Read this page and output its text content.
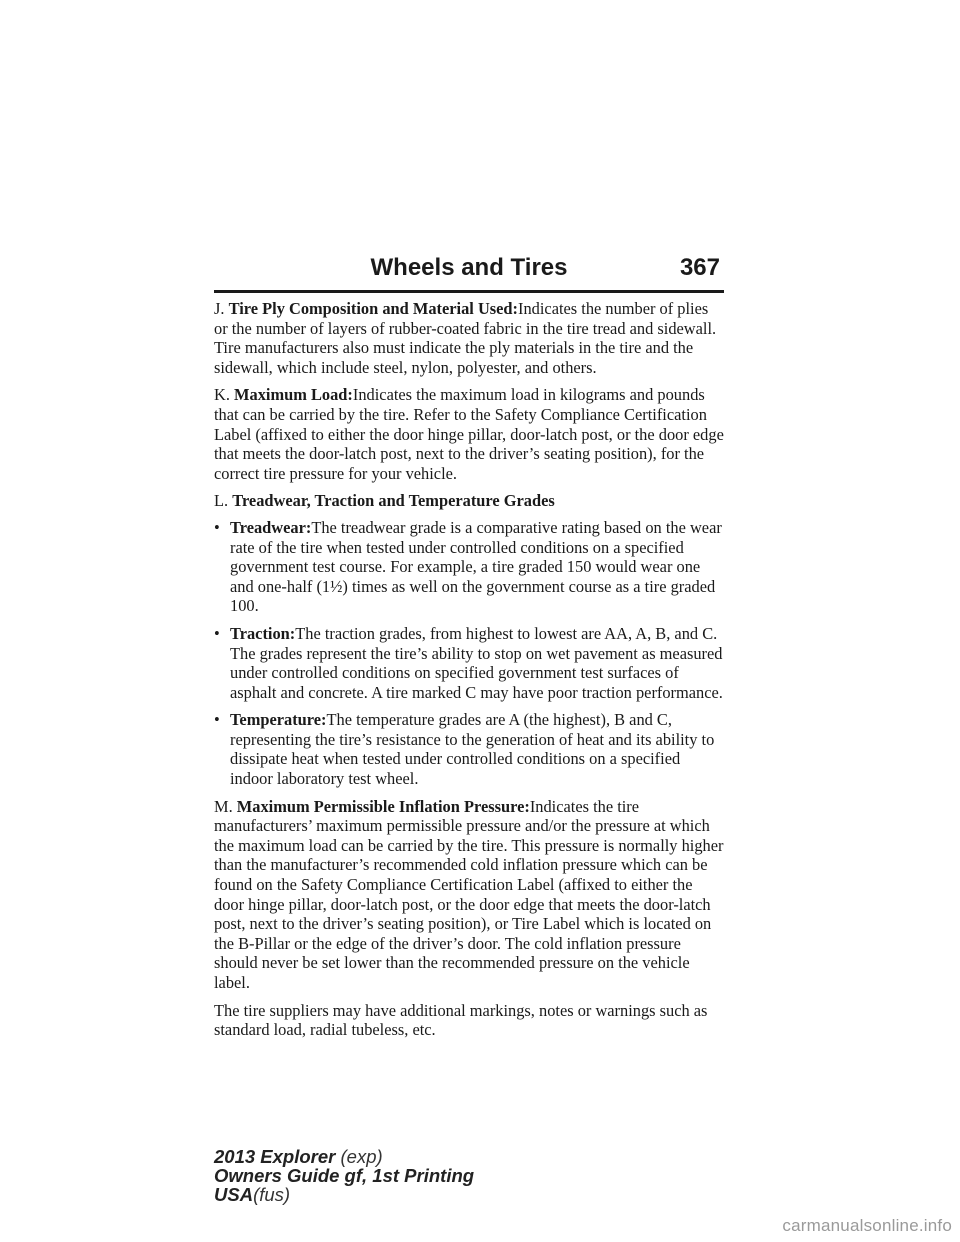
Wheels and Tires	367

J. Tire Ply Composition and Material Used:Indicates the number of plies or the number of layers of rubber-coated fabric in the tire tread and sidewall. Tire manufacturers also must indicate the ply materials in the tire and the sidewall, which include steel, nylon, polyester, and others.

K. Maximum Load:Indicates the maximum load in kilograms and pounds that can be carried by the tire. Refer to the Safety Compliance Certification Label (affixed to either the door hinge pillar, door-latch post, or the door edge that meets the door-latch post, next to the driver’s seating position), for the correct tire pressure for your vehicle.

L. Treadwear, Traction and Temperature Grades

• Treadwear:The treadwear grade is a comparative rating based on the wear rate of the tire when tested under controlled conditions on a specified government test course. For example, a tire graded 150 would wear one and one-half (1½) times as well on the government course as a tire graded 100.
• Traction:The traction grades, from highest to lowest are AA, A, B, and C. The grades represent the tire’s ability to stop on wet pavement as measured under controlled conditions on specified government test surfaces of asphalt and concrete. A tire marked C may have poor traction performance.
• Temperature:The temperature grades are A (the highest), B and C, representing the tire’s resistance to the generation of heat and its ability to dissipate heat when tested under controlled conditions on a specified indoor laboratory test wheel.

M. Maximum Permissible Inflation Pressure:Indicates the tire manufacturers’ maximum permissible pressure and/or the pressure at which the maximum load can be carried by the tire. This pressure is normally higher than the manufacturer’s recommended cold inflation pressure which can be found on the Safety Compliance Certification Label (affixed to either the door hinge pillar, door-latch post, or the door edge that meets the door-latch post, next to the driver’s seating position), or Tire Label which is located on the B-Pillar or the edge of the driver’s door. The cold inflation pressure should never be set lower than the recommended pressure on the vehicle label.

The tire suppliers may have additional markings, notes or warnings such as standard load, radial tubeless, etc.

2013 Explorer (exp)
Owners Guide gf, 1st Printing
USA(fus)
carmanualsonline.info
